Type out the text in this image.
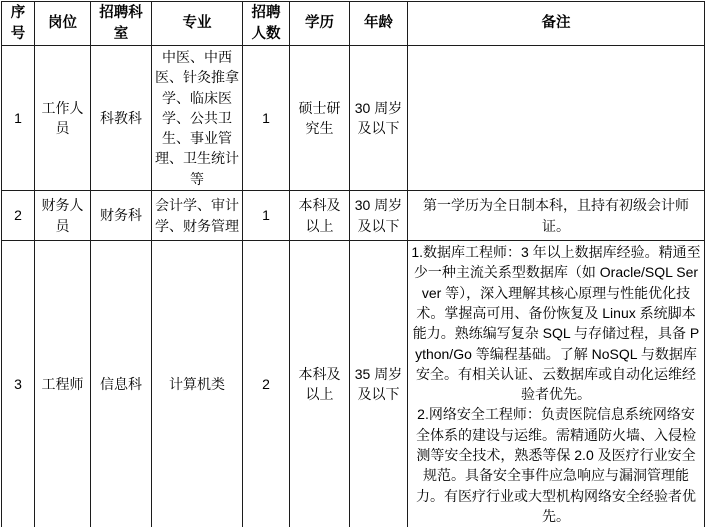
序号	岗位	招聘科室	专业	招聘人数	学历	年龄	备注
1	工作人员	科教科	中医、中西医、针灸推拿学、临床医学、公共卫生、事业管理、卫生统计等	1	硕士研究生	30 周岁及以下	
2	财务人员	财务科	会计学、审计学、财务管理	1	本科及以上	30 周岁及以下	第一学历为全日制本科，且持有初级会计师证。
3	工程师	信息科	计算机类	2	本科及以上	35 周岁及以下	1.数据库工程师：3 年以上数据库经验。精通至少一种主流关系型数据库（如 Oracle/SQL Server 等），深入理解其核心原理与性能优化技术。掌握高可用、备份恢复及 Linux 系统脚本能力。熟练编写复杂 SQL 与存储过程，具备 Python/Go 等编程基础。了解 NoSQL 与数据库安全。有相关认证、云数据库或自动化运维经验者优先。
2.网络安全工程师：负责医院信息系统网络安全体系的建设与运维。需精通防火墙、入侵检测等安全技术，熟悉等保 2.0 及医疗行业安全规范。具备安全事件应急响应与漏洞管理能力。有医疗行业或大型机构网络安全经验者优先。
